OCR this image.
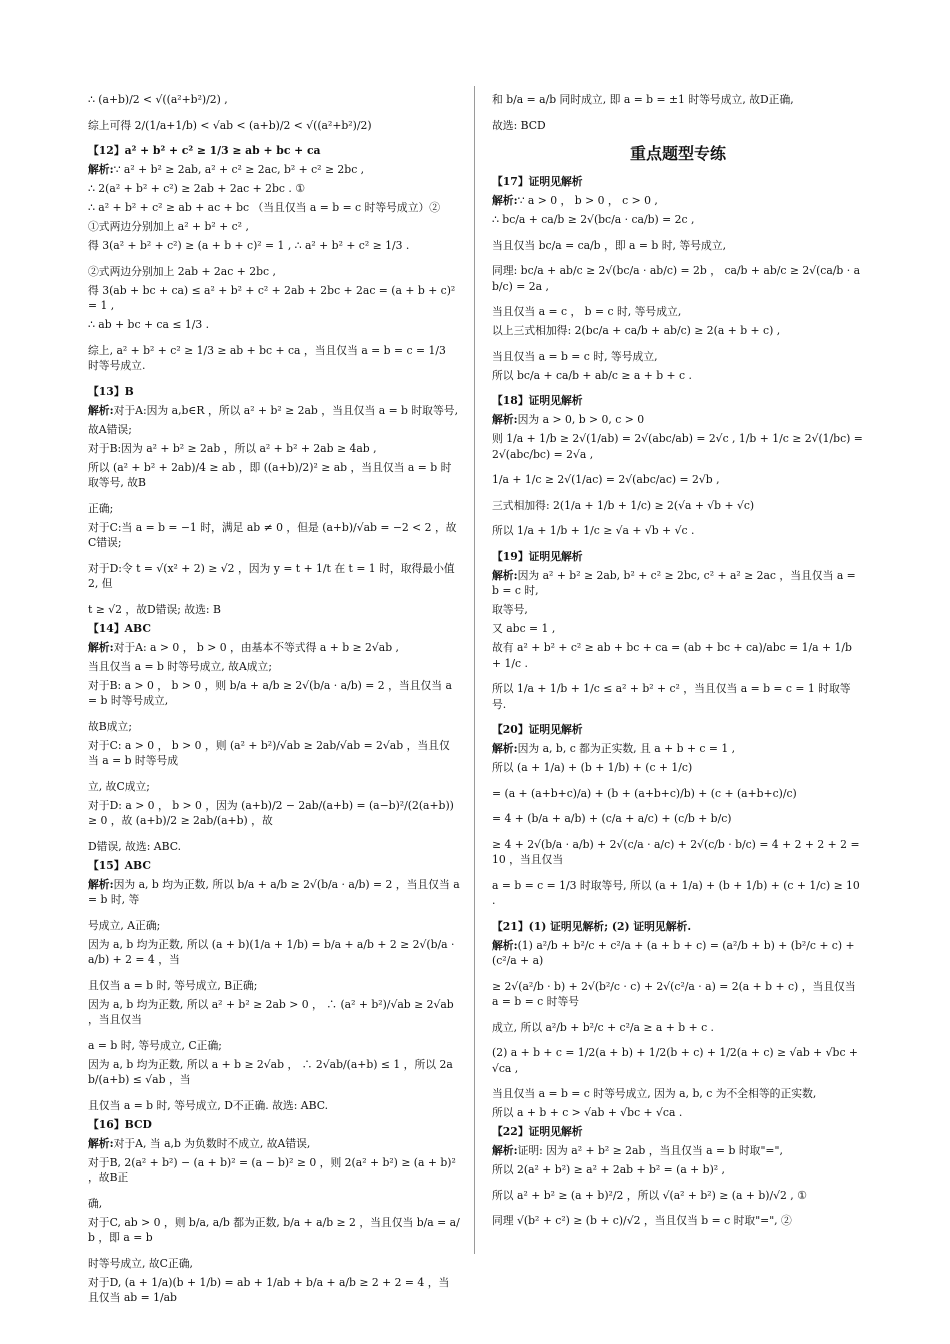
∴ (a+b)/2 < √((a²+b²)/2) ,
综上可得 2/(1/a+1/b) < √ab < (a+b)/2 < √((a²+b²)/2)
【12】a² + b² + c² ≥ 1/3 ≥ ab + bc + ca
解析:∵ a² + b² ≥ 2ab, a² + c² ≥ 2ac, b² + c² ≥ 2bc ,
∴ 2(a² + b² + c²) ≥ 2ab + 2ac + 2bc . ①
∴ a² + b² + c² ≥ ab + ac + bc （当且仅当 a = b = c 时等号成立）②
①式两边分别加上 a² + b² + c² ,
得 3(a² + b² + c²) ≥ (a + b + c)² = 1 , ∴ a² + b² + c² ≥ 1/3 .
②式两边分别加上 2ab + 2ac + 2bc ,
得 3(ab + bc + ca) ≤ a² + b² + c² + 2ab + 2bc + 2ac = (a + b + c)² = 1 ,
∴ ab + bc + ca ≤ 1/3 .
综上, a² + b² + c² ≥ 1/3 ≥ ab + bc + ca ，当且仅当 a = b = c = 1/3 时等号成立.
【13】B
解析:对于A:因为 a,b∈R ，所以 a² + b² ≥ 2ab ，当且仅当 a = b 时取等号,
故A错误;
对于B:因为 a² + b² ≥ 2ab ，所以 a² + b² + 2ab ≥ 4ab ,
所以 (a² + b² + 2ab)/4 ≥ ab ，即 ((a+b)/2)² ≥ ab ，当且仅当 a = b 时取等号, 故B
正确;
对于C:当 a = b = −1 时，满足 ab ≠ 0 ，但是 (a+b)/√ab = −2 < 2 ，故C错误;
对于D:令 t = √(x² + 2) ≥ √2 ，因为 y = t + 1/t 在 t = 1 时，取得最小值2, 但
t ≥ √2 ，故D错误; 故选: B
【14】ABC
解析:对于A: a > 0 ， b > 0 ，由基本不等式得 a + b ≥ 2√ab ,
当且仅当 a = b 时等号成立, 故A成立;
对于B: a > 0 ， b > 0 ，则 b/a + a/b ≥ 2√(b/a · a/b) = 2 ，当且仅当 a = b 时等号成立,
故B成立;
对于C: a > 0 ， b > 0 ，则 (a² + b²)/√ab ≥ 2ab/√ab = 2√ab ，当且仅当 a = b 时等号成
立, 故C成立;
对于D: a > 0 ， b > 0 ，因为 (a+b)/2 − 2ab/(a+b) = (a−b)²/(2(a+b)) ≥ 0 ，故 (a+b)/2 ≥ 2ab/(a+b) ，故
D错误, 故选: ABC.
【15】ABC
解析:因为 a, b 均为正数, 所以 b/a + a/b ≥ 2√(b/a · a/b) = 2 ，当且仅当 a = b 时, 等
号成立, A正确;
因为 a, b 均为正数, 所以 (a + b)(1/a + 1/b) = b/a + a/b + 2 ≥ 2√(b/a · a/b) + 2 = 4 ，当
且仅当 a = b 时, 等号成立, B正确;
因为 a, b 均为正数, 所以 a² + b² ≥ 2ab > 0 ， ∴ (a² + b²)/√ab ≥ 2√ab ，当且仅当
a = b 时, 等号成立, C正确;
因为 a, b 均为正数, 所以 a + b ≥ 2√ab ， ∴ 2√ab/(a+b) ≤ 1 ，所以 2ab/(a+b) ≤ √ab ，当
且仅当 a = b 时, 等号成立, D不正确. 故选: ABC.
【16】BCD
解析:对于A, 当 a,b 为负数时不成立, 故A错误,
对于B, 2(a² + b²) − (a + b)² = (a − b)² ≥ 0 ，则 2(a² + b²) ≥ (a + b)² ，故B正
确,
对于C, ab > 0 ，则 b/a, a/b 都为正数, b/a + a/b ≥ 2 ，当且仅当 b/a = a/b ，即 a = b
时等号成立, 故C正确,
对于D, (a + 1/a)(b + 1/b) = ab + 1/ab + b/a + a/b ≥ 2 + 2 = 4 ，当且仅当 ab = 1/ab
和 b/a = a/b 同时成立, 即 a = b = ±1 时等号成立, 故D正确,
故选: BCD
重点题型专练
【17】证明见解析
解析:∵ a > 0 ， b > 0 ， c > 0 ,
∴ bc/a + ca/b ≥ 2√(bc/a · ca/b) = 2c ,
当且仅当 bc/a = ca/b ，即 a = b 时, 等号成立,
同理: bc/a + ab/c ≥ 2√(bc/a · ab/c) = 2b ， ca/b + ab/c ≥ 2√(ca/b · ab/c) = 2a ,
当且仅当 a = c ， b = c 时, 等号成立,
以上三式相加得: 2(bc/a + ca/b + ab/c) ≥ 2(a + b + c) ,
当且仅当 a = b = c 时, 等号成立,
所以 bc/a + ca/b + ab/c ≥ a + b + c .
【18】证明见解析
解析:因为 a > 0, b > 0, c > 0
则 1/a + 1/b ≥ 2√(1/ab) = 2√(abc/ab) = 2√c , 1/b + 1/c ≥ 2√(1/bc) = 2√(abc/bc) = 2√a ,
1/a + 1/c ≥ 2√(1/ac) = 2√(abc/ac) = 2√b ,
三式相加得: 2(1/a + 1/b + 1/c) ≥ 2(√a + √b + √c)
所以 1/a + 1/b + 1/c ≥ √a + √b + √c .
【19】证明见解析
解析:因为 a² + b² ≥ 2ab, b² + c² ≥ 2bc, c² + a² ≥ 2ac ，当且仅当 a = b = c 时,
取等号,
又 abc = 1 ,
故有 a² + b² + c² ≥ ab + bc + ca = (ab + bc + ca)/abc = 1/a + 1/b + 1/c .
所以 1/a + 1/b + 1/c ≤ a² + b² + c² ，当且仅当 a = b = c = 1 时取等号.
【20】证明见解析
解析:因为 a, b, c 都为正实数, 且 a + b + c = 1 ,
所以 (a + 1/a) + (b + 1/b) + (c + 1/c)
= (a + (a+b+c)/a) + (b + (a+b+c)/b) + (c + (a+b+c)/c)
= 4 + (b/a + a/b) + (c/a + a/c) + (c/b + b/c)
≥ 4 + 2√(b/a · a/b) + 2√(c/a · a/c) + 2√(c/b · b/c) = 4 + 2 + 2 + 2 = 10 ，当且仅当
a = b = c = 1/3 时取等号, 所以 (a + 1/a) + (b + 1/b) + (c + 1/c) ≥ 10 .
【21】(1) 证明见解析; (2) 证明见解析.
解析:(1) a²/b + b²/c + c²/a + (a + b + c) = (a²/b + b) + (b²/c + c) + (c²/a + a)
≥ 2√(a²/b · b) + 2√(b²/c · c) + 2√(c²/a · a) = 2(a + b + c) ，当且仅当 a = b = c 时等号
成立, 所以 a²/b + b²/c + c²/a ≥ a + b + c .
(2) a + b + c = 1/2(a + b) + 1/2(b + c) + 1/2(a + c) ≥ √ab + √bc + √ca ,
当且仅当 a = b = c 时等号成立, 因为 a, b, c 为不全相等的正实数,
所以 a + b + c > √ab + √bc + √ca .
【22】证明见解析
解析:证明: 因为 a² + b² ≥ 2ab ，当且仅当 a = b 时取"=",
所以 2(a² + b²) ≥ a² + 2ab + b² = (a + b)² ,
所以 a² + b² ≥ (a + b)²/2 ，所以 √(a² + b²) ≥ (a + b)/√2 , ①
同理 √(b² + c²) ≥ (b + c)/√2 ，当且仅当 b = c 时取"=", ②
